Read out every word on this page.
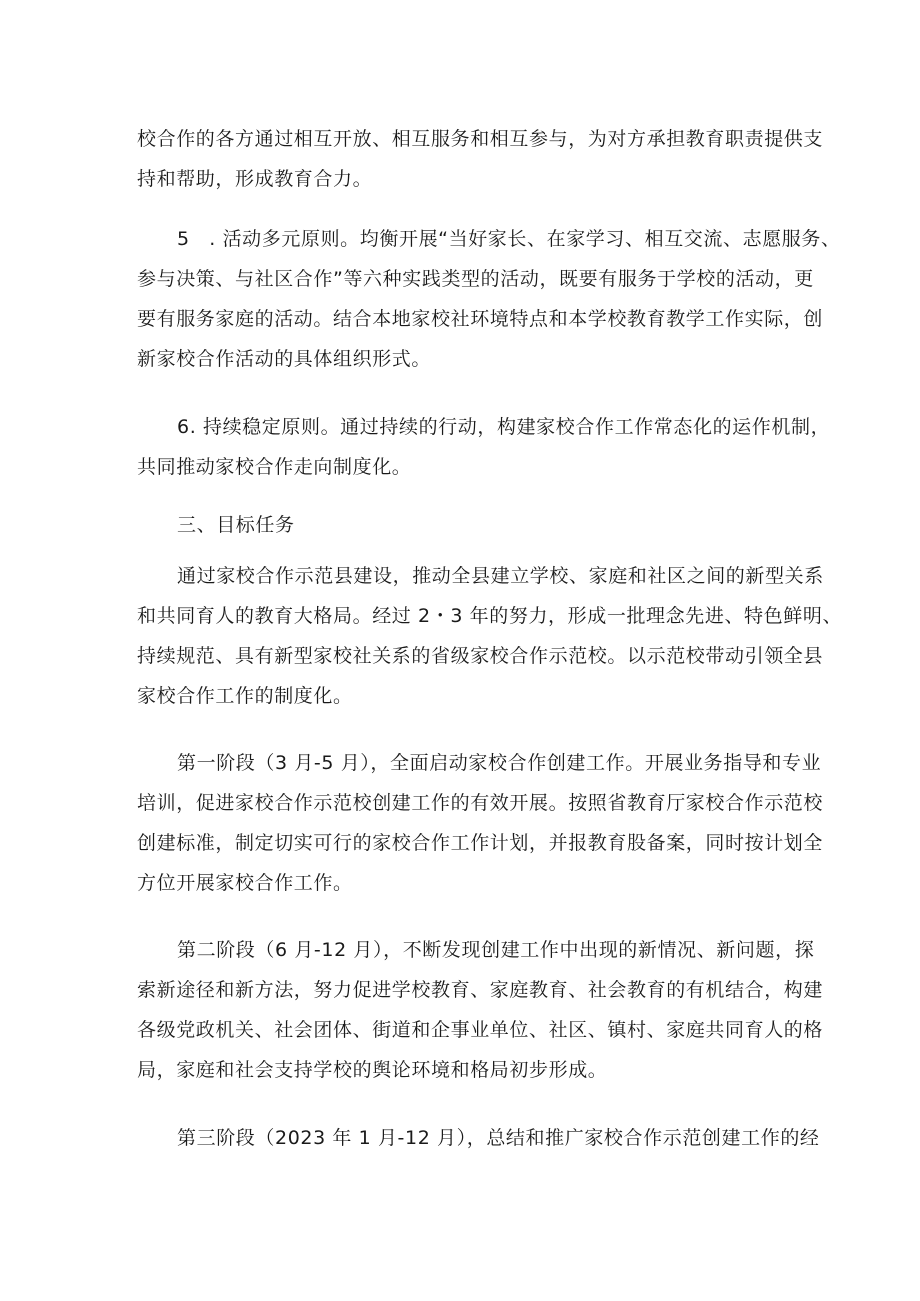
校合作的各方通过相互开放、相互服务和相互参与，为对方承担教育职责提供支
持和帮助，形成教育合力。

5　. 活动多元原则。均衡开展“当好家长、在家学习、相互交流、志愿服务、
参与决策、与社区合作”等六种实践类型的活动，既要有服务于学校的活动，更
要有服务家庭的活动。结合本地家校社环境特点和本学校教育教学工作实际，创
新家校合作活动的具体组织形式。

6. 持续稳定原则。通过持续的行动，构建家校合作工作常态化的运作机制，
共同推动家校合作走向制度化。

三、目标任务

通过家校合作示范县建设，推动全县建立学校、家庭和社区之间的新型关系
和共同育人的教育大格局。经过 2・3 年的努力，形成一批理念先进、特色鲜明、
持续规范、具有新型家校社关系的省级家校合作示范校。以示范校带动引领全县
家校合作工作的制度化。

第一阶段（3 月-5 月），全面启动家校合作创建工作。开展业务指导和专业
培训，促进家校合作示范校创建工作的有效开展。按照省教育厅家校合作示范校
创建标准，制定切实可行的家校合作工作计划，并报教育股备案，同时按计划全
方位开展家校合作工作。

第二阶段（6 月-12 月），不断发现创建工作中出现的新情况、新问题，探
索新途径和新方法，努力促进学校教育、家庭教育、社会教育的有机结合，构建
各级党政机关、社会团体、街道和企事业单位、社区、镇村、家庭共同育人的格
局，家庭和社会支持学校的舆论环境和格局初步形成。

第三阶段（2023 年 1 月-12 月），总结和推广家校合作示范创建工作的经
